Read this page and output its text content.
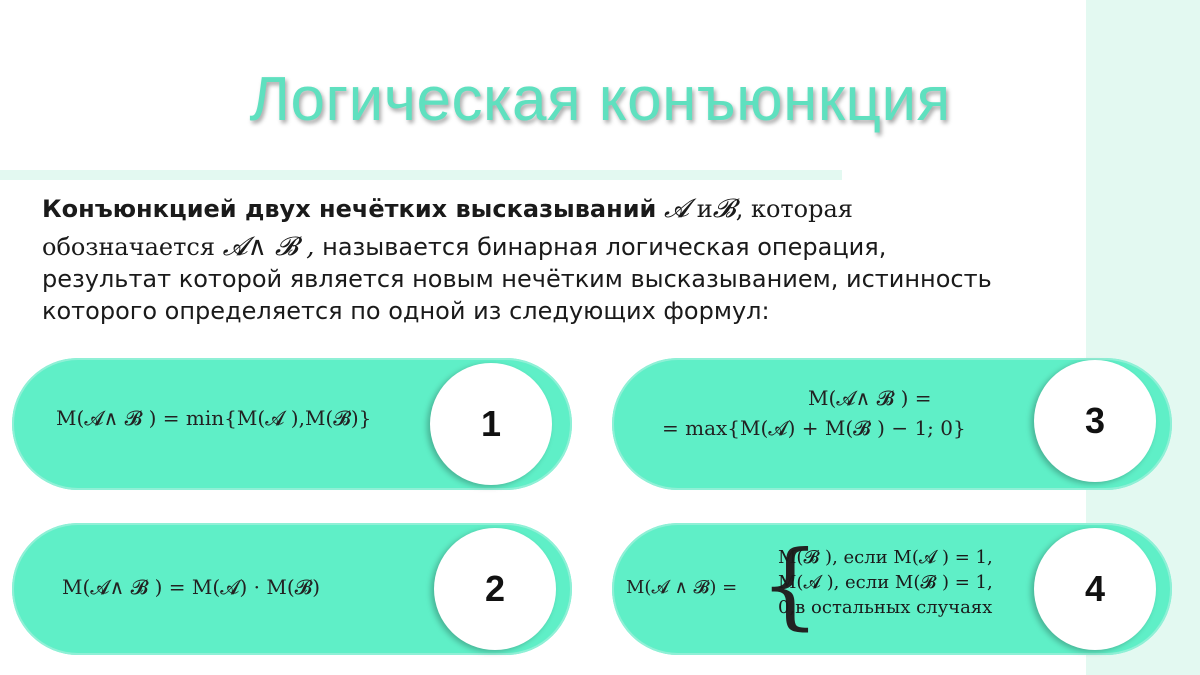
Логическая конъюнкция
Конъюнкцией двух нечётких высказываний 𝓐 и𝓑, которая
обозначается 𝓐∧ 𝓑 , называется бинарная логическая операция,
результат которой является новым нечётким высказыванием, истинность
которого определяется по одной из следующих формул:
M(𝓐∧ 𝓑 ) = min{M(𝓐 ),M(𝓑)}	1
M(𝓐∧ 𝓑 ) = M(𝓐) · M(𝓑)	2
M(𝓐∧ 𝓑 ) =
= max{M(𝓐) + M(𝓑 ) − 1; 0}	3
M(𝓐 ∧ 𝓑) = {
M(𝓑 ), если M(𝓐 ) = 1,
M(𝓐 ), если M(𝓑 ) = 1,
0,в остальных случаях	4
